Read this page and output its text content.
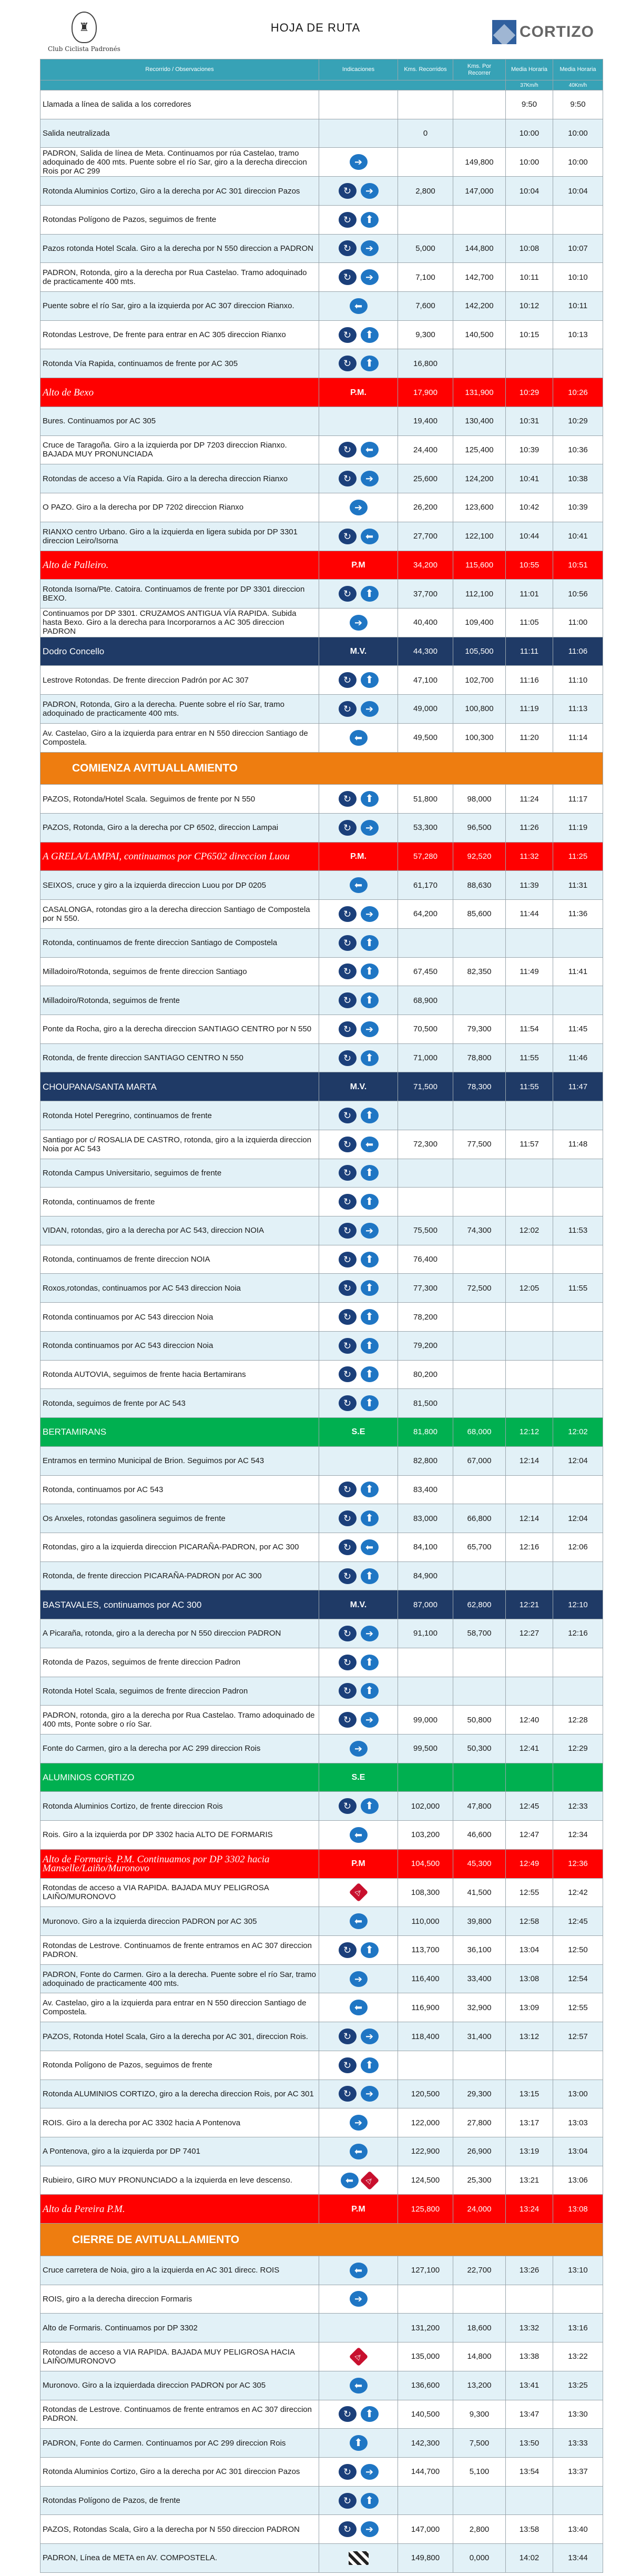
♜
Club Ciclista Padronés
HOJA DE RUTA	CORTIZO
Recorrido / Observaciones	Indicaciones	Kms. Recorridos	Kms. Por Recorrer	Media Horaria	Media Horaria
				37Km/h	40Km/h
Llamada a línea de salida a los corredores				9:50	9:50
Salida neutralizada		0		10:00	10:00
PADRON, Salida de línea de Meta. Continuamos por rúa Castelao, tramo adoquinado de 400 mts. Puente sobre el río Sar, giro a la derecha direccion Rois por AC 299	➔		149,800	10:00	10:00
Rotonda Aluminios Cortizo, Giro a la derecha por AC 301 direccion Pazos	↻ ➔	2,800	147,000	10:04	10:04
Rotondas Polígono de Pazos, seguimos de frente	↻ ⬆				
Pazos rotonda Hotel Scala. Giro a la derecha por N 550 direccion a PADRON	↻ ➔	5,000	144,800	10:08	10:07
PADRON, Rotonda, giro a la derecha por Rua Castelao. Tramo adoquinado de practicamente 400 mts.	↻ ➔	7,100	142,700	10:11	10:10
Puente sobre el río Sar, giro a la izquierda por AC 307 direccion Rianxo.	⬅	7,600	142,200	10:12	10:11
Rotondas Lestrove, De frente para entrar en AC 305 direccion Rianxo	↻ ⬆	9,300	140,500	10:15	10:13
Rotonda Vía Rapida, continuamos de frente por AC 305	↻ ⬆	16,800			
Alto de Bexo	P.M.	17,900	131,900	10:29	10:26
Bures. Continuamos por AC 305		19,400	130,400	10:31	10:29
Cruce de Taragoña. Giro a la izquierda por DP 7203 direccion Rianxo. BAJADA MUY PRONUNCIADA	↻ ⬅	24,400	125,400	10:39	10:36
Rotondas de acceso a Vía Rapida. Giro a la derecha direccion Rianxo	↻ ➔	25,600	124,200	10:41	10:38
O PAZO. Giro a la derecha por DP 7202 direccion Rianxo	➔	26,200	123,600	10:42	10:39
RIANXO centro Urbano. Giro a la izquierda en ligera subida por DP 3301 direccion Leiro/Isorna	↻ ⬅	27,700	122,100	10:44	10:41
Alto de Palleiro.	P.M	34,200	115,600	10:55	10:51
Rotonda Isorna/Pte. Catoira. Continuamos de frente por DP 3301 direccion BEXO.	↻ ⬆	37,700	112,100	11:01	10:56
Continuamos por DP 3301. CRUZAMOS ANTIGUA VÍA RAPIDA. Subida hasta Bexo. Giro a la derecha para Incorporarnos a AC 305 direccion PADRON	➔	40,400	109,400	11:05	11:00
Dodro Concello	M.V.	44,300	105,500	11:11	11:06
Lestrove Rotondas. De frente direccion Padrón por AC 307	↻ ⬆	47,100	102,700	11:16	11:10
PADRON, Rotonda, Giro a la derecha. Puente sobre el río Sar, tramo adoquinado de practicamente 400 mts.	↻ ➔	49,000	100,800	11:19	11:13
Av. Castelao, Giro a la izquierda para entrar en N 550 direccion Santiago de Compostela.	⬅	49,500	100,300	11:20	11:14
COMIENZA AVITUALLAMIENTO					
PAZOS, Rotonda/Hotel Scala. Seguimos de frente por N 550	↻ ⬆	51,800	98,000	11:24	11:17
PAZOS, Rotonda, Giro a la derecha por CP 6502, direccion Lampai	↻ ➔	53,300	96,500	11:26	11:19
A GRELA/LAMPAI, continuamos por CP6502 direccion Luou	P.M.	57,280	92,520	11:32	11:25
SEIXOS, cruce y giro a la izquierda direccion Luou por DP 0205	⬅	61,170	88,630	11:39	11:31
CASALONGA, rotondas giro a la derecha direccion Santiago de Compostela por N 550.	↻ ➔	64,200	85,600	11:44	11:36
Rotonda, continuamos de frente direccion Santiago de Compostela	↻ ⬆				
Milladoiro/Rotonda, seguimos de frente direccion Santiago	↻ ⬆	67,450	82,350	11:49	11:41
Milladoiro/Rotonda, seguimos de frente	↻ ⬆	68,900			
Ponte da Rocha, giro a la derecha direccion SANTIAGO CENTRO por N 550	↻ ➔	70,500	79,300	11:54	11:45
Rotonda, de frente direccion SANTIAGO CENTRO N 550	↻ ⬆	71,000	78,800	11:55	11:46
CHOUPANA/SANTA MARTA	M.V.	71,500	78,300	11:55	11:47
Rotonda Hotel Peregrino, continuamos de frente	↻ ⬆				
Santiago por c/ ROSALIA DE CASTRO, rotonda, giro a la izquierda direccion Noia por AC 543	↻ ⬅	72,300	77,500	11:57	11:48
Rotonda Campus Universitario, seguimos de frente	↻ ⬆				
Rotonda, continuamos de frente	↻ ⬆				
VIDAN, rotondas, giro a la derecha por AC 543, direccion NOIA	↻ ➔	75,500	74,300	12:02	11:53
Rotonda, continuamos de frente direccion NOIA	↻ ⬆	76,400			
Roxos,rotondas, continuamos por AC 543 direccion Noia	↻ ⬆	77,300	72,500	12:05	11:55
Rotonda continuamos por AC 543 direccion Noia	↻ ⬆	78,200			
Rotonda continuamos por AC 543 direccion Noia	↻ ⬆	79,200			
Rotonda AUTOVIA, seguimos de frente hacia Bertamirans	↻ ⬆	80,200			
Rotonda, seguimos de frente por AC 543	↻ ⬆	81,500			
BERTAMIRANS	S.E	81,800	68,000	12:12	12:02
Entramos en termino Municipal de Brion. Seguimos por AC 543		82,800	67,000	12:14	12:04
Rotonda, continuamos por AC 543	↻ ⬆	83,400			
Os Anxeles, rotondas gasolinera seguimos de frente	↻ ⬆	83,000	66,800	12:14	12:04
Rotondas, giro a la izquierda direccion PICARAÑA-PADRON, por AC 300	↻ ⬅	84,100	65,700	12:16	12:06
Rotonda, de frente direccion PICARAÑA-PADRON por AC 300	↻ ⬆	84,900			
BASTAVALES, continuamos por AC 300	M.V.	87,000	62,800	12:21	12:10
A Picaraña, rotonda, giro a la derecha por N 550 direccion PADRON	↻ ➔	91,100	58,700	12:27	12:16
Rotonda de Pazos, seguimos de frente direccion Padron	↻ ⬆				
Rotonda Hotel Scala, seguimos de frente direccion Padron	↻ ⬆				
PADRON, rotonda, giro a la derecha por Rua Castelao. Tramo adoquinado de 400 mts, Ponte sobre o río Sar.	↻ ➔	99,000	50,800	12:40	12:28
Fonte do Carmen, giro a la derecha por AC 299 direccion Rois	➔	99,500	50,300	12:41	12:29
ALUMINIOS CORTIZO	S.E				
Rotonda Aluminios Cortizo, de frente direccion Rois	↻ ⬆	102,000	47,800	12:45	12:33
Rois. Giro a la izquierda por DP 3302 hacia ALTO DE FORMARIS	⬅	103,200	46,600	12:47	12:34
Alto de Formaris. P.M. Continuamos por DP 3302 hacia Manselle/Laiño/Muronovo	P.M	104,500	45,300	12:49	12:36
Rotondas de acceso a VIA RAPIDA. BAJADA MUY PELIGROSA LAIÑO/MURONOVO	⚠	108,300	41,500	12:55	12:42
Muronovo. Giro a la izquierda direccion PADRON por AC 305	⬅	110,000	39,800	12:58	12:45
Rotondas de Lestrove. Continuamos de frente entramos en AC 307 direccion PADRON.	↻ ⬆	113,700	36,100	13:04	12:50
PADRON, Fonte do Carmen. Giro a la derecha. Puente sobre el río Sar, tramo adoquinado de practicamente 400 mts.	➔	116,400	33,400	13:08	12:54
Av. Castelao, giro a la izquierda para entrar en N 550 direccion Santiago de Compostela.	⬅	116,900	32,900	13:09	12:55
PAZOS, Rotonda Hotel Scala, Giro a la derecha por AC 301, direccion Rois.	↻ ➔	118,400	31,400	13:12	12:57
Rotonda Polígono de Pazos, seguimos de frente	↻ ⬆				
Rotonda ALUMINIOS CORTIZO, giro a la derecha direccion Rois, por AC 301	↻ ➔	120,500	29,300	13:15	13:00
ROIS. Giro a la derecha por AC 3302 hacia A Pontenova	➔	122,000	27,800	13:17	13:03
A Pontenova, giro a la izquierda por DP 7401	⬅	122,900	26,900	13:19	13:04
Rubieiro, GIRO MUY PRONUNCIADO a la izquierda en leve descenso.	⬅ ⚠	124,500	25,300	13:21	13:06
Alto da Pereira P.M.	P.M	125,800	24,000	13:24	13:08
CIERRE DE AVITUALLAMIENTO					
Cruce carretera de Noia, giro a la izquierda en AC 301 direcc. ROIS	⬅	127,100	22,700	13:26	13:10
ROIS, giro a la derecha direccion Formaris	➔				
Alto de Formaris. Continuamos por DP 3302		131,200	18,600	13:32	13:16
Rotondas de acceso a VIA RAPIDA. BAJADA MUY PELIGROSA HACIA LAIÑO/MURONOVO	⚠	135,000	14,800	13:38	13:22
Muronovo. Giro a la izquierdada direccion PADRON por AC 305	⬅	136,600	13,200	13:41	13:25
Rotondas de Lestrove. Continuamos de frente entramos en AC 307 direccion PADRON.	↻ ⬆	140,500	9,300	13:47	13:30
PADRON, Fonte do Carmen. Continuamos por AC 299 direccion Rois	⬆	142,300	7,500	13:50	13:33
Rotonda Aluminios Cortizo, Giro a la derecha por AC 301 direccion Pazos	↻ ➔	144,700	5,100	13:54	13:37
Rotondas Polígono de Pazos, de frente	↻ ⬆				
PAZOS, Rotondas Scala, Giro a la derecha por N 550 direccion PADRON	↻ ➔	147,000	2,800	13:58	13:40
PADRON, Línea de META en AV. COMPOSTELA.		149,800	0,000	14:02	13:44
